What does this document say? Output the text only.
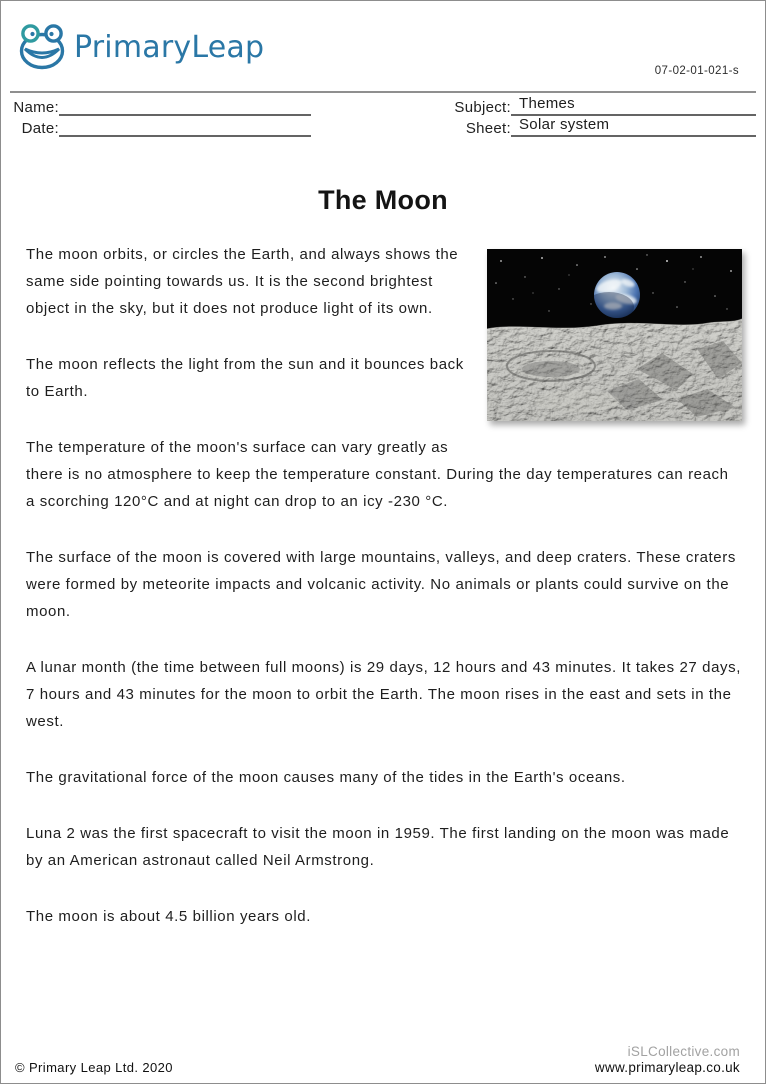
PrimaryLeap
07-02-01-021-s
Name:
Date:
Subject: Themes
Sheet: Solar system
The Moon

The moon orbits, or circles the Earth, and always shows the same side pointing towards us. It is the second brightest object in the sky, but it does not produce light of its own.

The moon reflects the light from the sun and it bounces back to Earth.

The temperature of the moon's surface can vary greatly as there is no atmosphere to keep the temperature constant. During the day temperatures can reach a scorching 120°C and at night can drop to an icy -230 °C.

The surface of the moon is covered with large mountains, valleys, and deep craters. These craters were formed by meteorite impacts and volcanic activity. No animals or plants could survive on the moon.

A lunar month (the time between full moons) is 29 days, 12 hours and 43 minutes. It takes 27 days, 7 hours and 43 minutes for the moon to orbit the Earth. The moon rises in the east and sets in the west.

The gravitational force of the moon causes many of the tides in the Earth's oceans.

Luna 2 was the first spacecraft to visit the moon in 1959. The first landing on the moon was made by an American astronaut called Neil Armstrong.

The moon is about 4.5 billion years old.

© Primary Leap Ltd. 2020
iSLCollective.com
www.primaryleap.co.uk
